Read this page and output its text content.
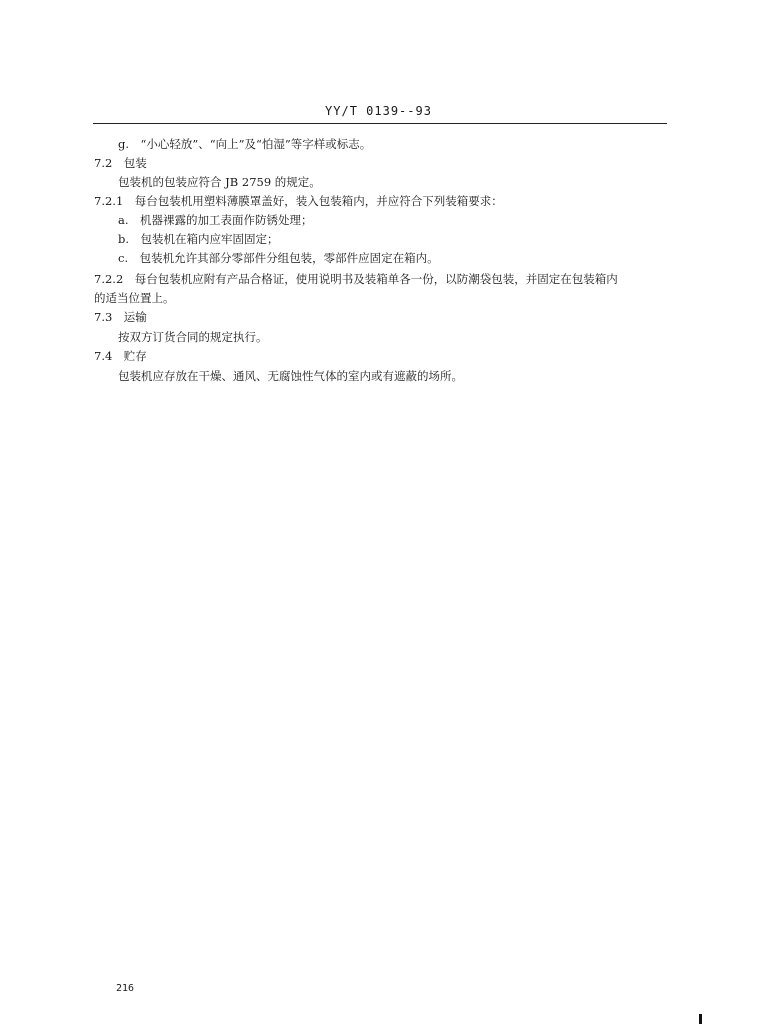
YY/T 0139--93
g.　“小心轻放”、“向上”及“怕湿”等字样或标志。
7.2　包装
包装机的包装应符合 JB 2759 的规定。
7.2.1　每台包装机用塑料薄膜罩盖好，装入包装箱内，并应符合下列装箱要求：
a.　机器裸露的加工表面作防锈处理；
b.　包装机在箱内应牢固固定；
c.　包装机允许其部分零部件分组包装，零部件应固定在箱内。
7.2.2　每台包装机应附有产品合格证，使用说明书及装箱单各一份，以防潮袋包装，并固定在包装箱内
的适当位置上。
7.3　运输
按双方订货合同的规定执行。
7.4　贮存
包装机应存放在干燥、通风、无腐蚀性气体的室内或有遮蔽的场所。
216
